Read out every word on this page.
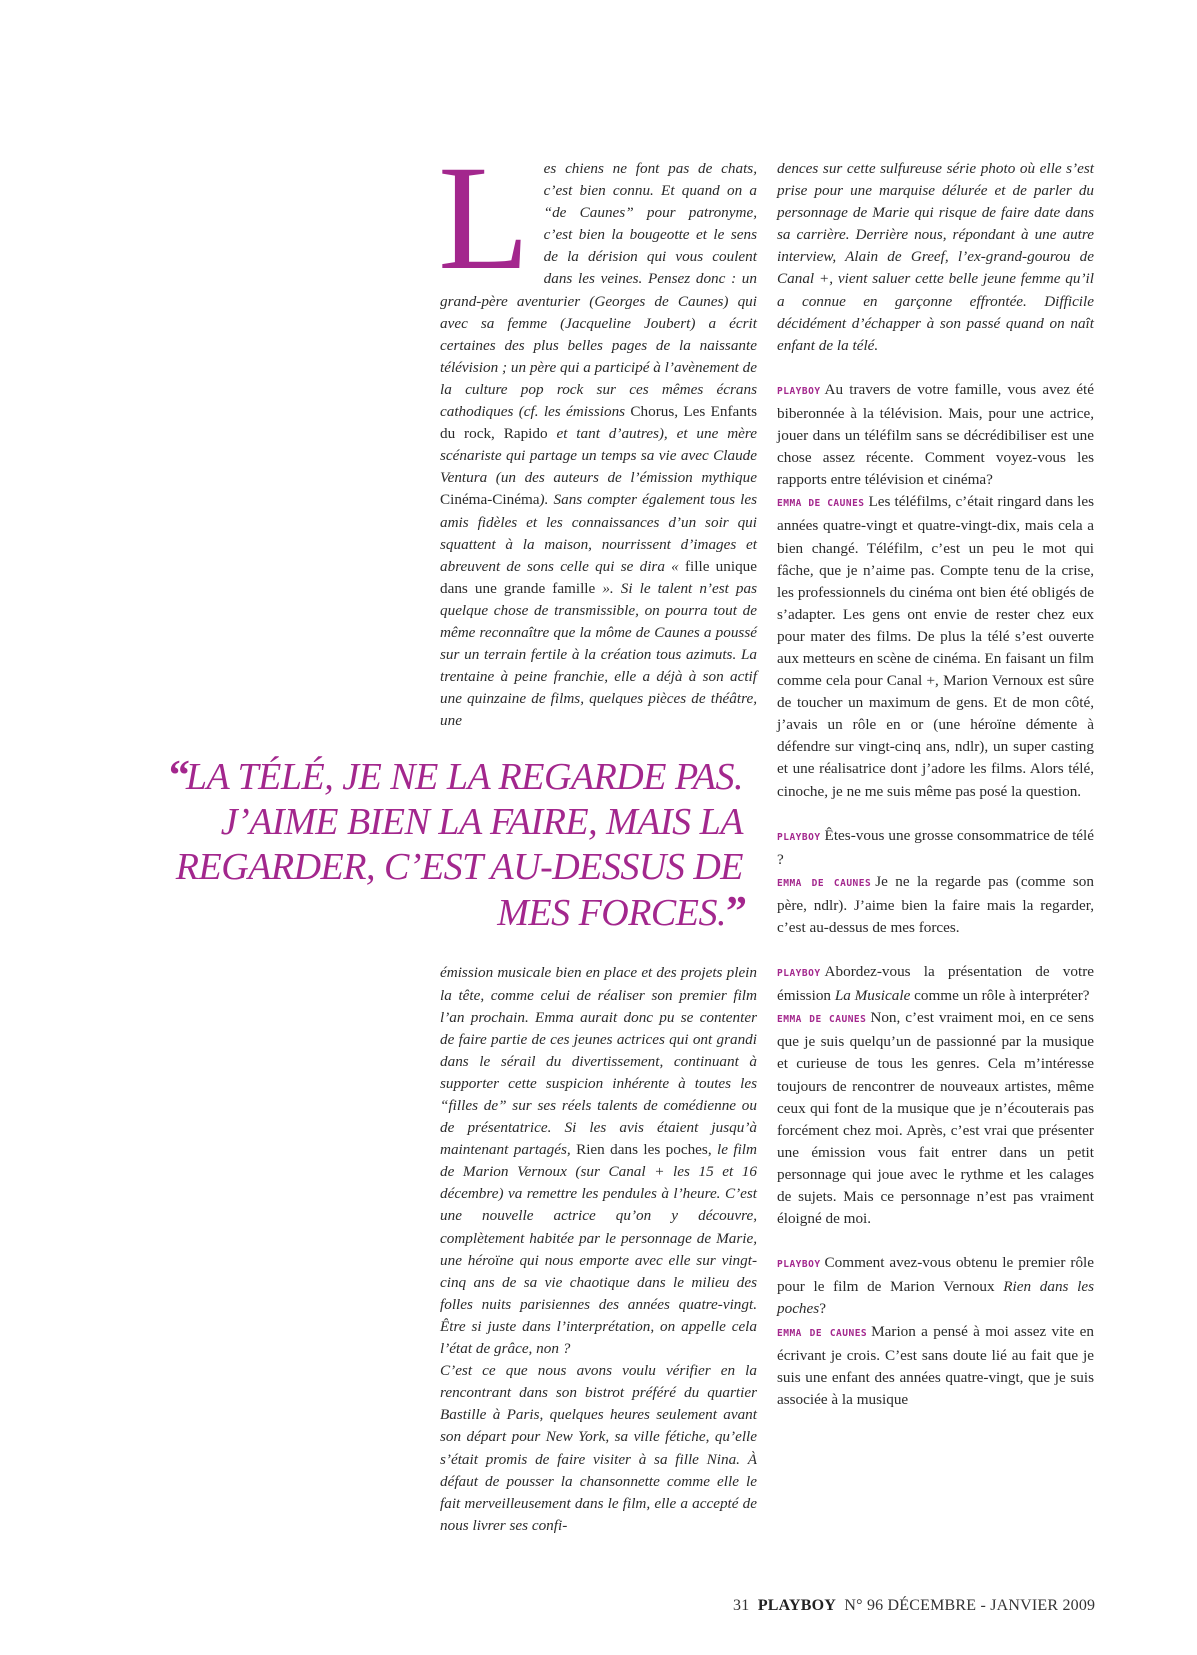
L es chiens ne font pas de chats, c’est bien connu. Et quand on a “de Caunes” pour patronyme, c’est bien la bougeotte et le sens de la dérision qui vous coulent dans les veines. Pensez donc : un grand-père aventurier (Georges de Caunes) qui avec sa femme (Jacqueline Joubert) a écrit certaines des plus belles pages de la naissante télévision ; un père qui a participé à l’avènement de la culture pop rock sur ces mêmes écrans cathodiques (cf. les émissions Chorus, Les Enfants du rock, Rapido et tant d’autres), et une mère scénariste qui partage un temps sa vie avec Claude Ventura (un des auteurs de l’émission mythique Cinéma-Cinéma). Sans compter également tous les amis fidèles et les connaissances d’un soir qui squattent à la maison, nourrissent d’images et abreuvent de sons celle qui se dira « fille unique dans une grande famille ». Si le talent n’est pas quelque chose de transmissible, on pourra tout de même reconnaître que la môme de Caunes a poussé sur un terrain fertile à la création tous azimuts. La trentaine à peine franchie, elle a déjà à son actif une quinzaine de films, quelques pièces de théâtre, une

“LA TÉLÉ, JE NE LA REGARDE PAS. J’AIME BIEN LA FAIRE, MAIS LA REGARDER, C’EST AU-DESSUS DE MES FORCES.”

émission musicale bien en place et des projets plein la tête, comme celui de réaliser son premier film l’an prochain. Emma aurait donc pu se contenter de faire partie de ces jeunes actrices qui ont grandi dans le sérail du divertissement, continuant à supporter cette suspicion inhérente à toutes les “filles de” sur ses réels talents de comédienne ou de présentatrice. Si les avis étaient jusqu’à maintenant partagés, Rien dans les poches, le film de Marion Vernoux (sur Canal + les 15 et 16 décembre) va remettre les pendules à l’heure. C’est une nouvelle actrice qu’on y découvre, complètement habitée par le personnage de Marie, une héroïne qui nous emporte avec elle sur vingt-cinq ans de sa vie chaotique dans le milieu des folles nuits parisiennes des années quatre-vingt. Être si juste dans l’interprétation, on appelle cela l’état de grâce, non ?

C’est ce que nous avons voulu vérifier en la rencontrant dans son bistrot préféré du quartier Bastille à Paris, quelques heures seulement avant son départ pour New York, sa ville fétiche, qu’elle s’était promis de faire visiter à sa fille Nina. À défaut de pousser la chansonnette comme elle le fait merveilleusement dans le film, elle a accepté de nous livrer ses confi-

dences sur cette sulfureuse série photo où elle s’est prise pour une marquise délurée et de parler du personnage de Marie qui risque de faire date dans sa carrière. Derrière nous, répondant à une autre interview, Alain de Greef, l’ex-grand-gourou de Canal +, vient saluer cette belle jeune femme qu’il a connue en garçonne effrontée. Difficile décidément d’échapper à son passé quand on naît enfant de la télé.

PLAYBOY Au travers de votre famille, vous avez été biberonnée à la télévision. Mais, pour une actrice, jouer dans un téléfilm sans se décrédibiliser est une chose assez récente. Comment voyez-vous les rapports entre télévision et cinéma?

EMMA DE CAUNES Les téléfilms, c’était ringard dans les années quatre-vingt et quatre-vingt-dix, mais cela a bien changé. Téléfilm, c’est un peu le mot qui fâche, que je n’aime pas. Compte tenu de la crise, les professionnels du cinéma ont bien été obligés de s’adapter. Les gens ont envie de rester chez eux pour mater des films. De plus la télé s’est ouverte aux metteurs en scène de cinéma. En faisant un film comme cela pour Canal +, Marion Vernoux est sûre de toucher un maximum de gens. Et de mon côté, j’avais un rôle en or (une héroïne démente à défendre sur vingt-cinq ans, ndlr), un super casting et une réalisatrice dont j’adore les films. Alors télé, cinoche, je ne me suis même pas posé la question.

PLAYBOY Êtes-vous une grosse consommatrice de télé ?

EMMA DE CAUNES Je ne la regarde pas (comme son père, ndlr). J’aime bien la faire mais la regarder, c’est au-dessus de mes forces.

PLAYBOY Abordez-vous la présentation de votre émission La Musicale comme un rôle à interpréter?

EMMA DE CAUNES Non, c’est vraiment moi, en ce sens que je suis quelqu’un de passionné par la musique et curieuse de tous les genres. Cela m’intéresse toujours de rencontrer de nouveaux artistes, même ceux qui font de la musique que je n’écouterais pas forcément chez moi. Après, c’est vrai que présenter une émission vous fait entrer dans un petit personnage qui joue avec le rythme et les calages de sujets. Mais ce personnage n’est pas vraiment éloigné de moi.

PLAYBOY Comment avez-vous obtenu le premier rôle pour le film de Marion Vernoux Rien dans les poches?

EMMA DE CAUNES Marion a pensé à moi assez vite en écrivant je crois. C’est sans doute lié au fait que je suis une enfant des années quatre-vingt, que je suis associée à la musique

31 PLAYBOY N° 96 DÉCEMBRE - JANVIER 2009
